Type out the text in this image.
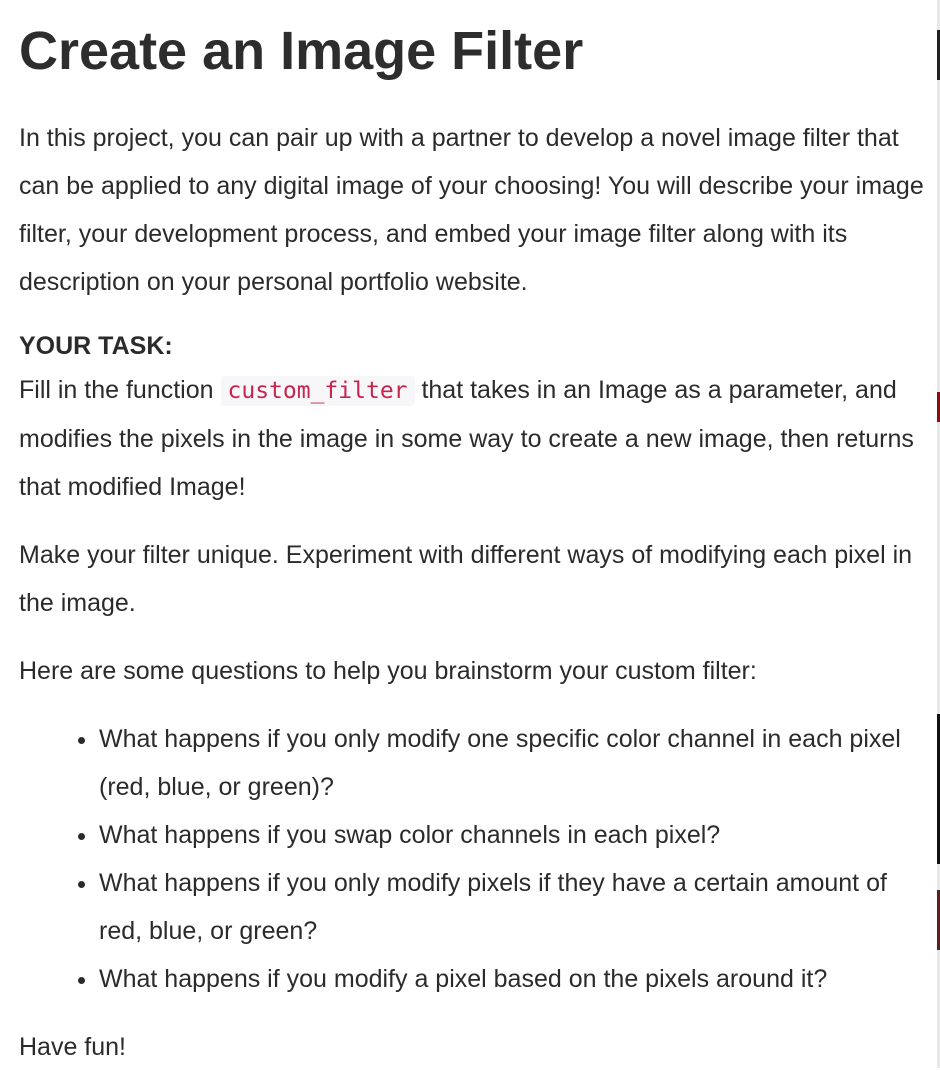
Create an Image Filter

In this project, you can pair up with a partner to develop a novel image filter that can be applied to any digital image of your choosing! You will describe your image filter, your development process, and embed your image filter along with its description on your personal portfolio website.

YOUR TASK:

Fill in the function custom_filter that takes in an Image as a parameter, and modifies the pixels in the image in some way to create a new image, then returns that modified Image!

Make your filter unique. Experiment with different ways of modifying each pixel in the image.

Here are some questions to help you brainstorm your custom filter:

• What happens if you only modify one specific color channel in each pixel (red, blue, or green)?
• What happens if you swap color channels in each pixel?
• What happens if you only modify pixels if they have a certain amount of red, blue, or green?
• What happens if you modify a pixel based on the pixels around it?

Have fun!
